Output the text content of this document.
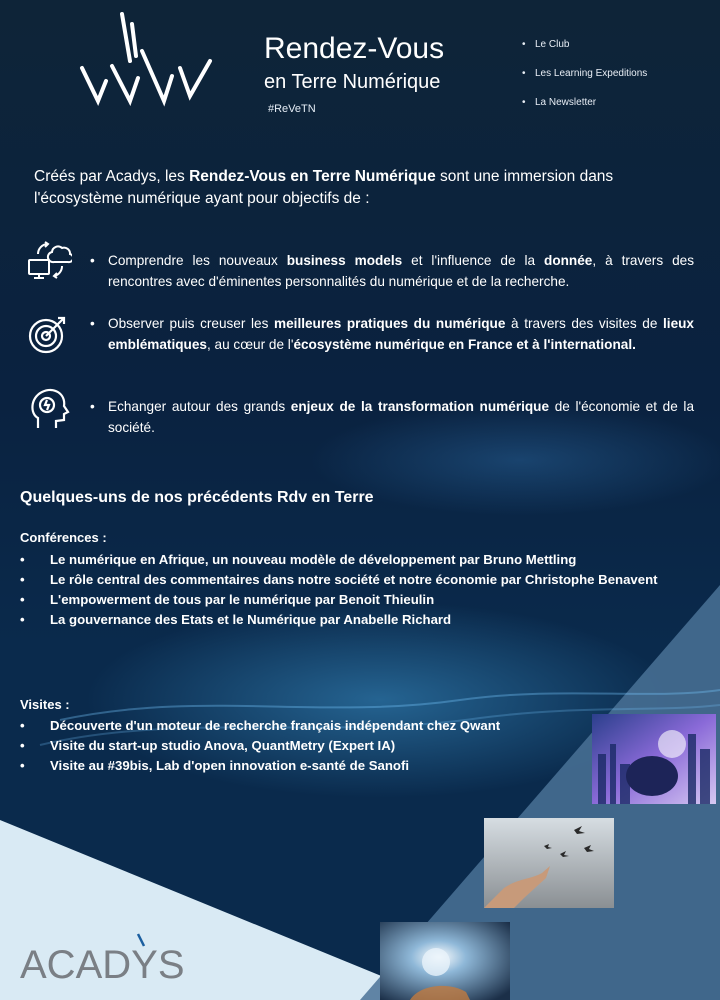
Rendez-Vous
en Terre Numérique
#ReVeTN
• Le Club
• Les Learning Expeditions
• La Newsletter
Créés par Acadys, les Rendez-Vous en Terre Numérique sont une immersion dans l'écosystème numérique ayant pour objectifs de :
• Comprendre les nouveaux business models et l'influence de la donnée, à travers des rencontres avec d'éminentes personnalités du numérique et de la recherche.
• Observer puis creuser les meilleures pratiques du numérique à travers des visites de lieux emblématiques, au cœur de l'écosystème numérique en France et à l'international.
• Echanger autour des grands enjeux de la transformation numérique de l'économie et de la société.
Quelques-uns de nos précédents Rdv en Terre
Conférences :
• Le numérique en Afrique, un nouveau modèle de développement par Bruno Mettling
• Le rôle central des commentaires dans notre société et notre économie par Christophe Benavent
• L'empowerment de tous par le numérique par Benoit Thieulin
• La gouvernance des Etats et le Numérique par Anabelle Richard
Visites :
• Découverte d'un moteur de recherche français indépendant chez Qwant
• Visite du start-up studio Anova, QuantMetry (Expert IA)
• Visite au #39bis, Lab d'open innovation e-santé de Sanofi
ACADYS
